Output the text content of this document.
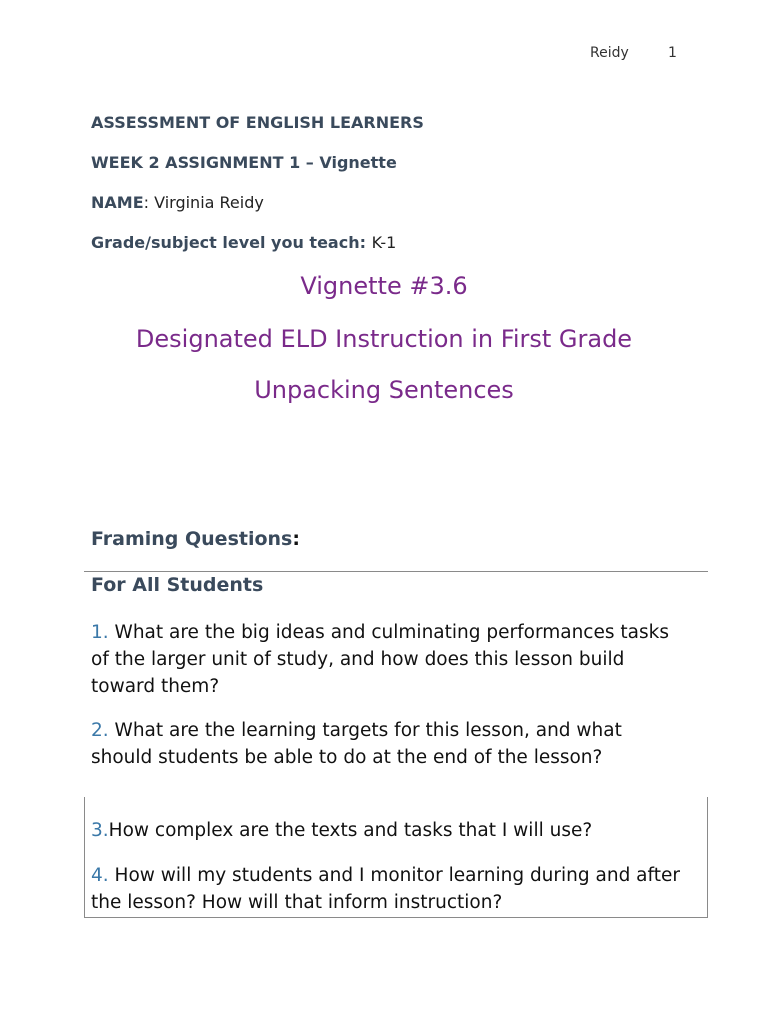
Reidy	1
ASSESSMENT OF ENGLISH LEARNERS
WEEK 2 ASSIGNMENT 1 – Vignette
NAME: Virginia Reidy
Grade/subject level you teach: K-1
Vignette #3.6
Designated ELD Instruction in First Grade
Unpacking Sentences
Framing Questions:
For All Students
1. What are the big ideas and culminating performances tasks of the larger unit of study, and how does this lesson build toward them?
2. What are the learning targets for this lesson, and what should students be able to do at the end of the lesson?
3.How complex are the texts and tasks that I will use?
4. How will my students and I monitor learning during and after the lesson? How will that inform instruction?
